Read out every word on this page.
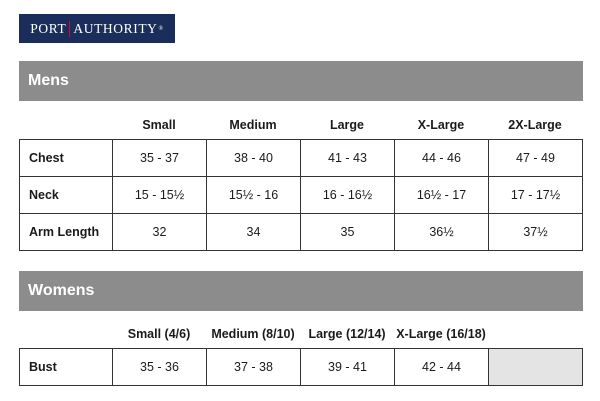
PORT AUTHORITY ®
Mens
Small	Medium	Large	X-Large	2X-Large
Chest	35 - 37	38 - 40	41 - 43	44 - 46	47 - 49
Neck	15 - 15½	15½ - 16	16 - 16½	16½ - 17	17 - 17½
Arm Length	32	34	35	36½	37½
Womens
Small (4/6)	Medium (8/10)	Large (12/14) X-Large (16/18)
Bust	35 - 36	37 - 38	39 - 41	42 - 44	
